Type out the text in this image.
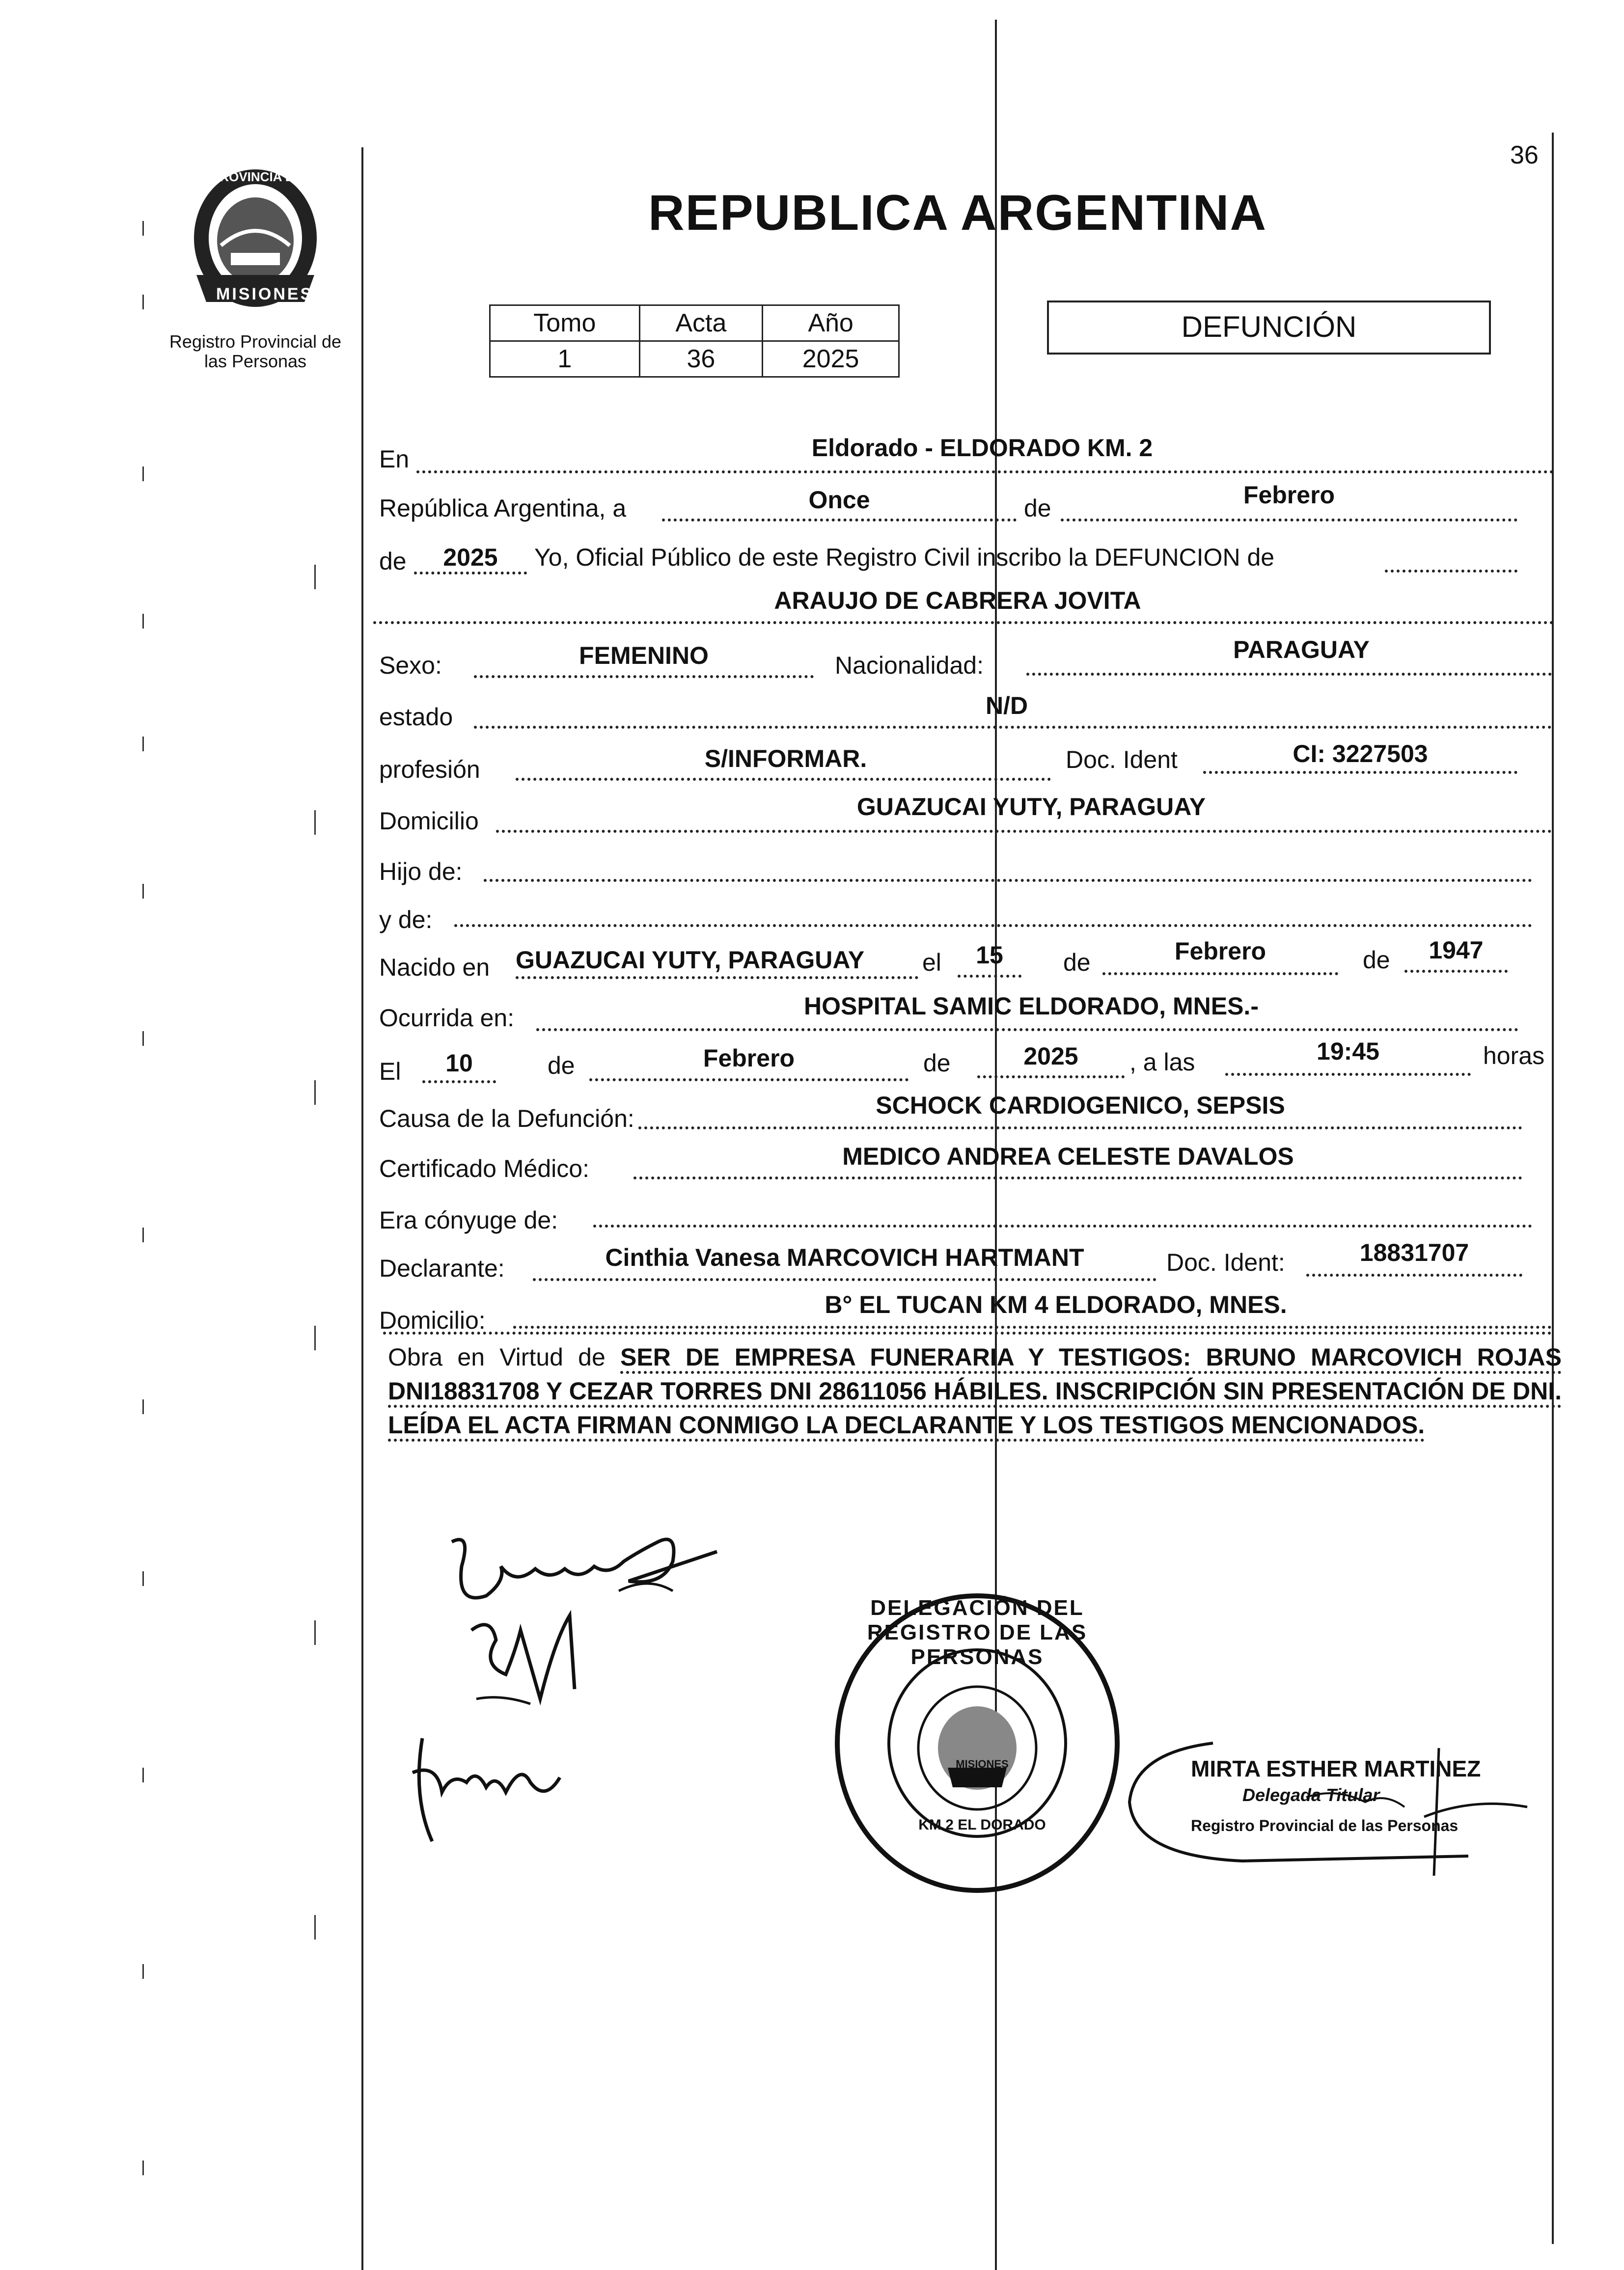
36
PROVINCIA DE
MISIONES
Registro Provincial de
las Personas
REPUBLICA ARGENTINA
Tomo	Acta	Año
1	36	2025
DEFUNCIÓN
En	Eldorado - ELDORADO KM. 2
República Argentina, a	Once	de	Febrero
de	2025	Yo, Oficial Público de este Registro Civil inscribo la DEFUNCION de
ARAUJO DE CABRERA JOVITA
Sexo:	FEMENINO	Nacionalidad:
PARAGUAY
estado	N/D
profesión	S/INFORMAR.	Doc. Ident	CI: 3227503
Domicilio
GUAZUCAI YUTY, PARAGUAY
Hijo de:
y de:
Nacido en GUAZUCAI YUTY, PARAGUAY	el	15	de	Febrero	de	1947
Ocurrida en:	HOSPITAL SAMIC ELDORADO, MNES.-
El	10	de	Febrero	de	2025	, a las	19:45	horas
Causa de la Defunción:	SCHOCK CARDIOGENICO, SEPSIS
Certificado Médico:	MEDICO ANDREA CELESTE DAVALOS
Era cónyuge de:
Declarante:	Cinthia Vanesa MARCOVICH HARTMANT	Doc. Ident:	18831707
Domicilio:
B° EL TUCAN KM 4 ELDORADO, MNES.
Obra en Virtud de SER DE EMPRESA FUNERARIA Y TESTIGOS: BRUNO MARCOVICH ROJAS DNI18831708 Y CEZAR TORRES DNI 28611056 HÁBILES. INSCRIPCIÓN SIN PRESENTACIÓN DE DNI. LEÍDA EL ACTA FIRMAN CONMIGO LA DECLARANTE Y LOS TESTIGOS MENCIONADOS.
DELEGACIÓN DEL REGISTRO DE LAS PERSONAS
KM 2 EL DORADO
MISIONES	MIRTA ESTHER MARTINEZ
Delegada Titular
Registro Provincial de las Personas
